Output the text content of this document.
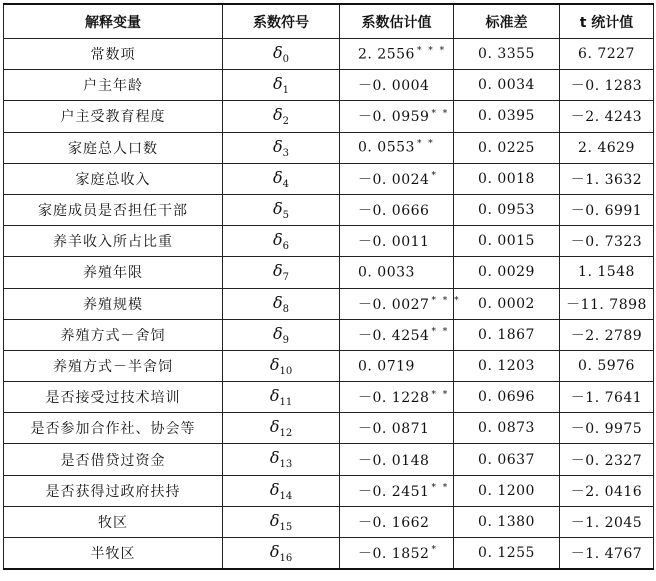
解释变量	系数符号	系数估计值	标准差	t 统计值
常数项	$\delta_0$	2. 2556 * * *	0. 3355	6. 7227
户主年龄	$\delta_1$	－0. 0004	0. 0034	－0. 1283
户主受教育程度	$\delta_2$	－0. 0959 * *	0. 0395	－2. 4243
家庭总人口数	$\delta_3$	0. 0553 * *	0. 0225	2. 4629
家庭总收入	$\delta_4$	－0. 0024 *	0. 0018	－1. 3632
家庭成员是否担任干部	$\delta_5$	－0. 0666	0. 0953	－0. 6991
养羊收入所占比重	$\delta_6$	－0. 0011	0. 0015	－0. 7323
养殖年限	$\delta_7$	0. 0033	0. 0029	1. 1548
养殖规模	$\delta_8$	－0. 0027 * * *	0. 0002	－11. 7898
养殖方式－舍饲	$\delta_9$	－0. 4254 * *	0. 1867	－2. 2789
养殖方式－半舍饲	$\delta_{10}$	0. 0719	0. 1203	0. 5976
是否接受过技术培训	$\delta_{11}$	－0. 1228 * *	0. 0696	－1. 7641
是否参加合作社、协会等	$\delta_{12}$	－0. 0871	0. 0873	－0. 9975
是否借贷过资金	$\delta_{13}$	－0. 0148	0. 0637	－0. 2327
是否获得过政府扶持	$\delta_{14}$	－0. 2451 * *	0. 1200	－2. 0416
牧区	$\delta_{15}$	－0. 1662	0. 1380	－1. 2045
半牧区	$\delta_{16}$	－0. 1852 *	0. 1255	－1. 4767
